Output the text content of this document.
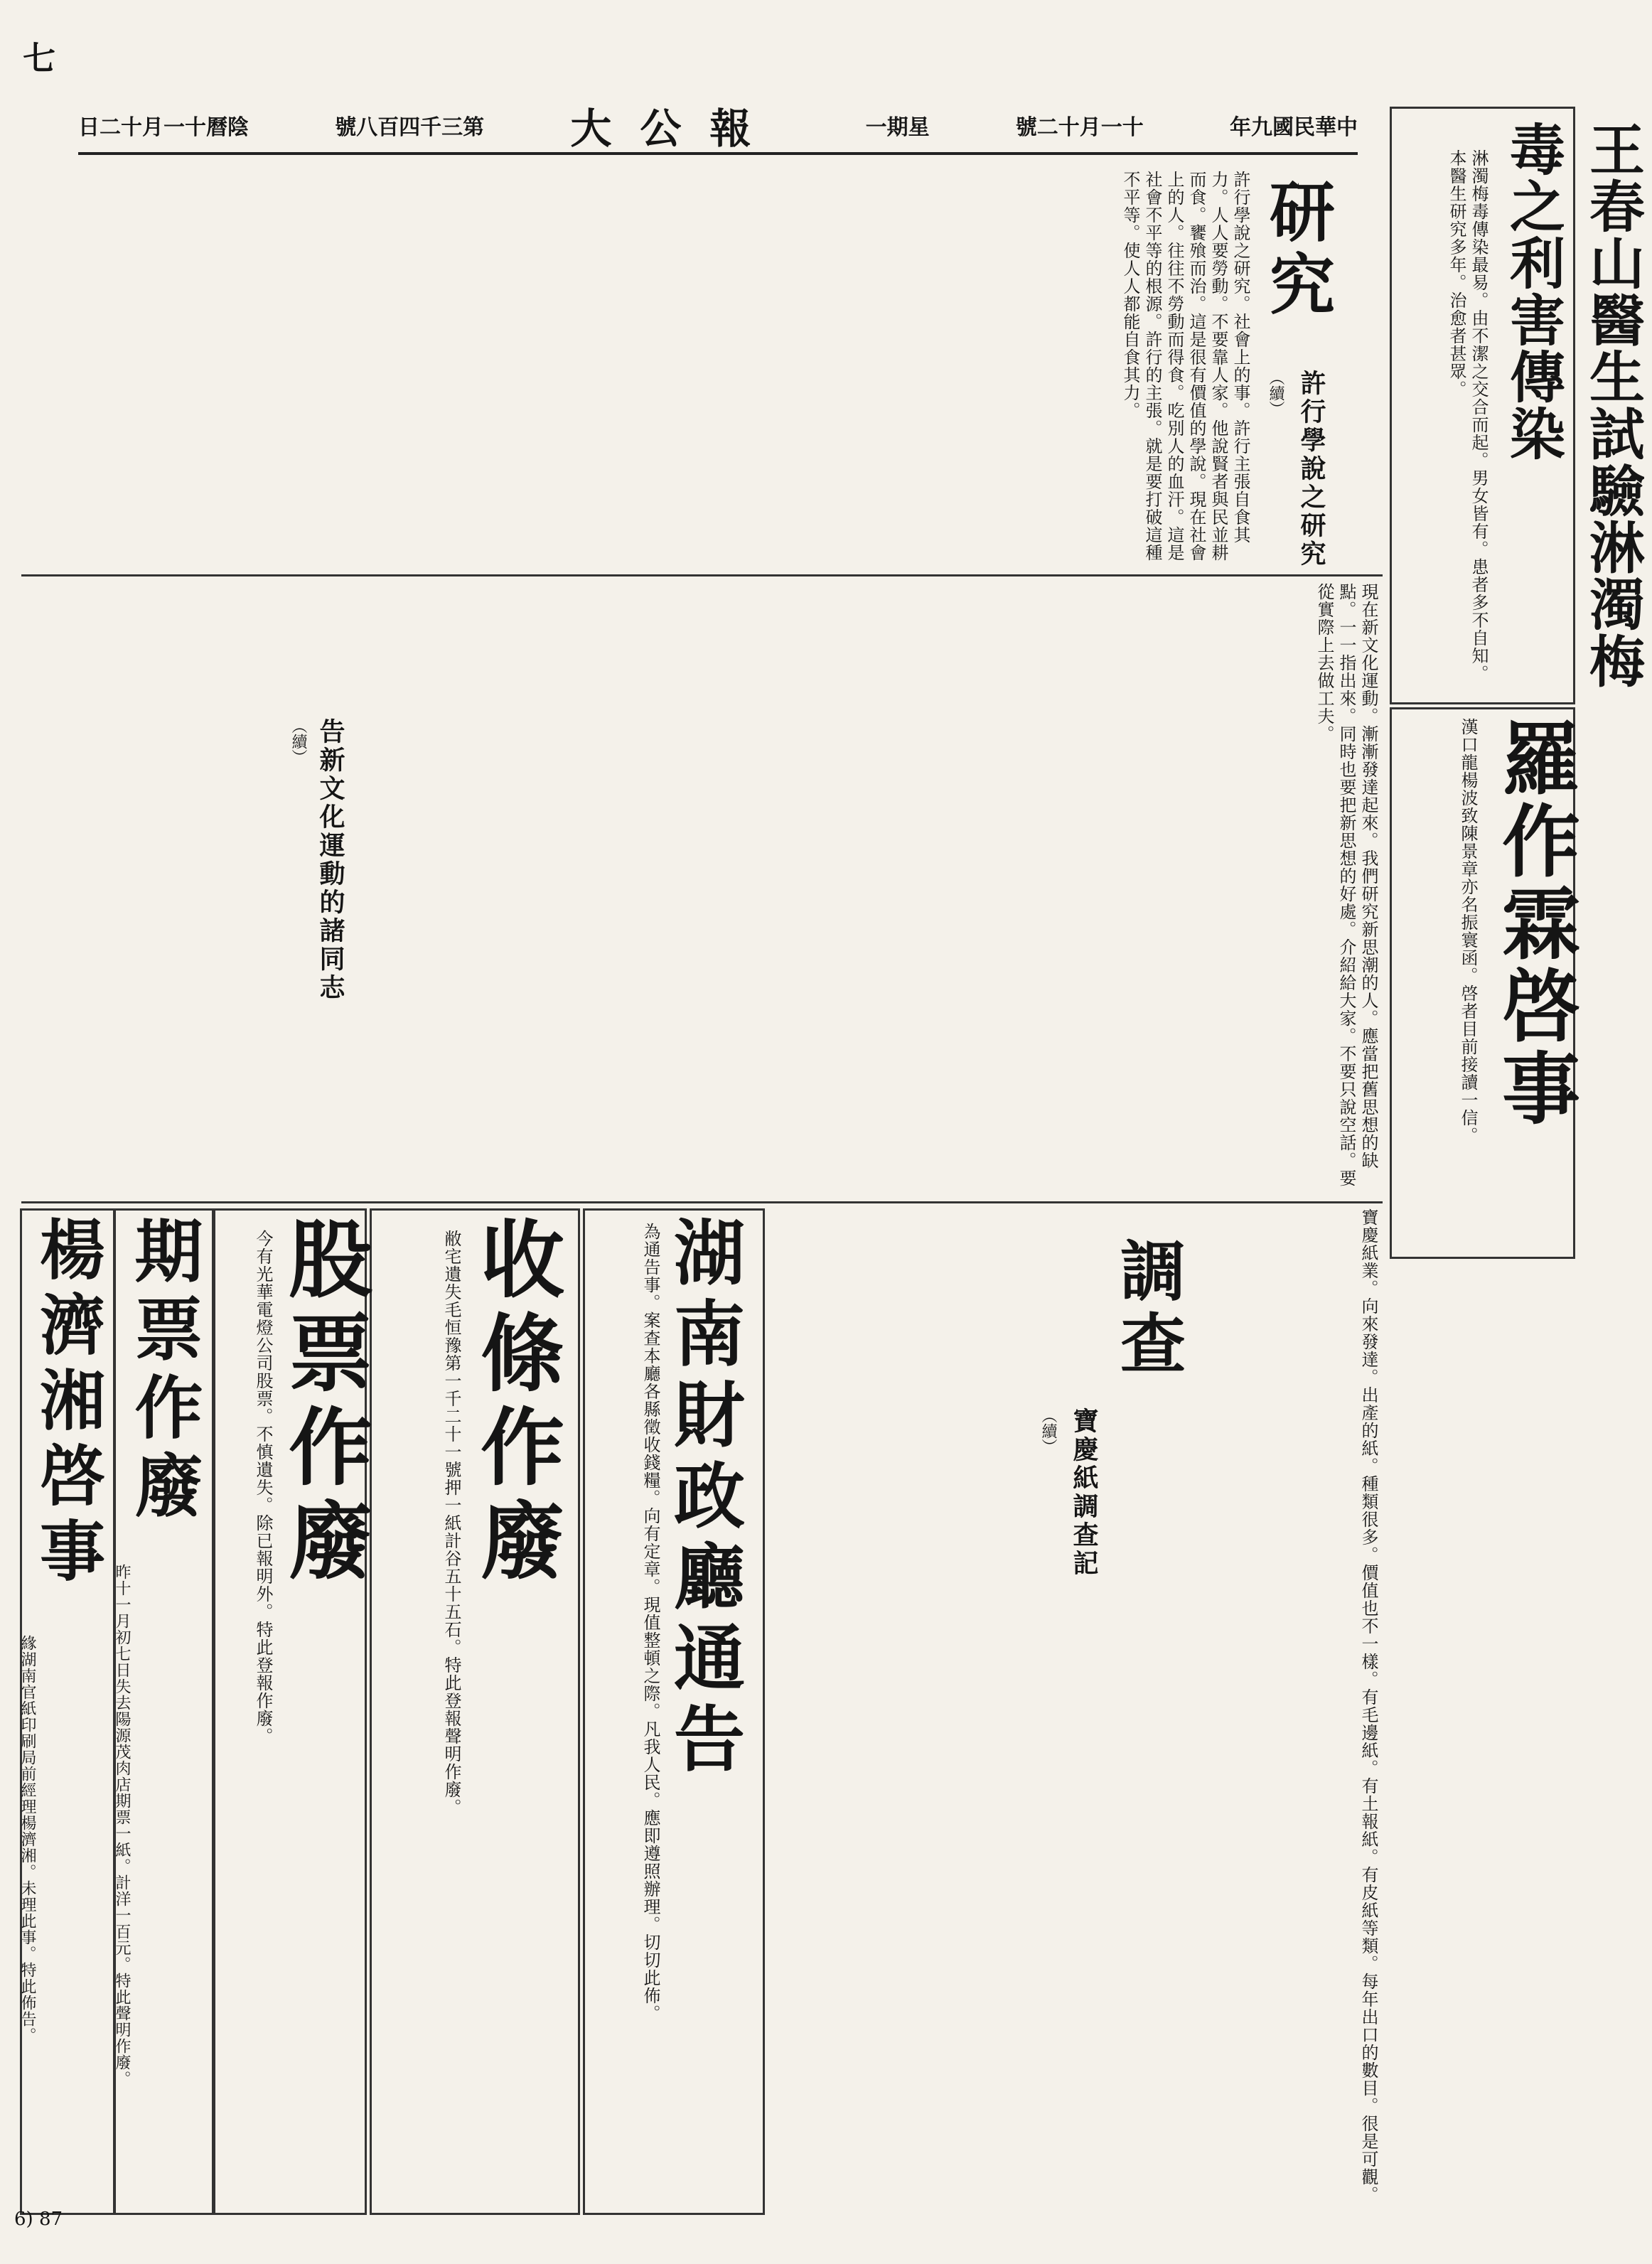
七
日二十月一十曆陰	號八百四千三第 大公報	一期星	號二十月一十	年九國民華中	王春山醫生試驗淋濁梅毒之利害傳染
淋濁梅毒傳染最易。由不潔之交合而起。男女皆有。患者多不自知。本醫生研究多年。治愈者甚眾。
羅作霖啓事
漢口龍楊波致陳景章亦名振寰函。啓者目前接讀一信。
研究
許行學說之研究
（續）
許行學說之研究。社會上的事。許行主張自食其力。人人要勞動。不要靠人家。他說賢者與民並耕而食。饔飱而治。這是很有價值的學說。現在社會上的人。往往不勞動而得食。吃別人的血汗。這是社會不平等的根源。許行的主張。就是要打破這種不平等。使人人都能自食其力。
告新文化運動的諸同志
（續）	現在新文化運動。漸漸發達起來。我們研究新思潮的人。應當把舊思想的缺點。一一指出來。同時也要把新思想的好處。介紹給大家。不要只說空話。要從實際上去做工夫。
調查
寶慶紙調查記
（續）	寶慶紙業。向來發達。出產的紙。種類很多。價值也不一樣。有毛邊紙。有土報紙。有皮紙等類。每年出口的數目。很是可觀。
湖南財政廳通告
為通告事。案查本廳各縣徵收錢糧。向有定章。現值整頓之際。凡我人民。應即遵照辦理。切切此佈。
收條作廢
敝宅遺失毛恒豫第一千二十一號押一紙計谷五十五石。特此登報聲明作廢。
股票作廢
今有光華電燈公司股票。不慎遺失。除已報明外。特此登報作廢。
期票作廢
昨十一月初七日失去陽源茂肉店期票一紙。計洋一百元。特此聲明作廢。
楊濟湘啓事
緣湖南官紙印刷局前經理楊濟湘。未理此事。特此佈告。
6) 87
